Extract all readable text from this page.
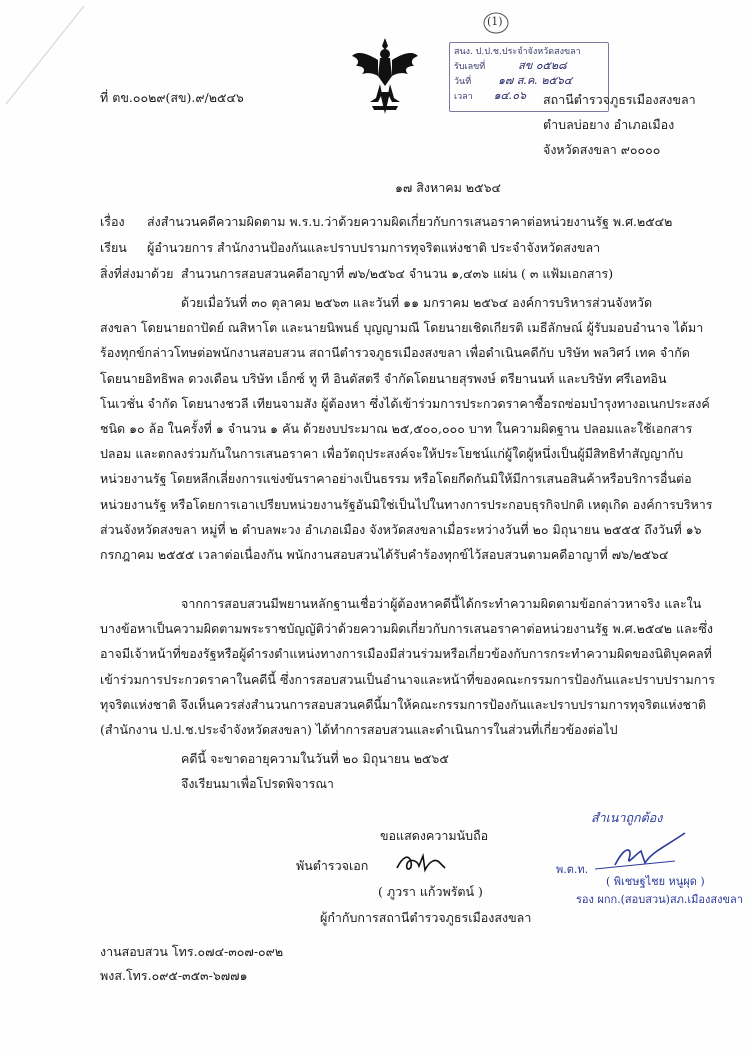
(1)
สนง. ป.ป.ช.ประจำจังหวัดสงขลา
รับเลขที่	สข ๐๕๒๘
วันที่ ๑๗ ส.ค. ๒๕๖๔
เวลา ๑๔.๐๖
ที่ ตข.๐๐๒๙(สข).๙/๒๕๔๖	สถานีตำรวจภูธรเมืองสงขลา
ตำบลบ่อยาง อำเภอเมือง
จังหวัดสงขลา ๙๐๐๐๐
๑๗ สิงหาคม ๒๕๖๔
เรื่อง ส่งสำนวนคดีความผิดตาม พ.ร.บ.ว่าด้วยความผิดเกี่ยวกับการเสนอราคาต่อหน่วยงานรัฐ พ.ศ.๒๕๔๒
เรียน ผู้อำนวยการ สำนักงานป้องกันและปราบปรามการทุจริตแห่งชาติ ประจำจังหวัดสงขลา
สิ่งที่ส่งมาด้วย สำนวนการสอบสวนคดีอาญาที่ ๗๖/๒๕๖๔ จำนวน ๑,๔๓๖ แผ่น ( ๓ แฟ้มเอกสาร)
ด้วยเมื่อวันที่ ๓๐ ตุลาคม ๒๕๖๓ และวันที่ ๑๑ มกราคม ๒๕๖๔ องค์การบริหารส่วนจังหวัด
สงขลา โดยนายถาปัดย์ ณสิหาโต และนายนิพนธ์ บุญญามณี โดยนายเชิดเกียรติ เมธีลักษณ์ ผู้รับมอบอำนาจ ได้มา
ร้องทุกข์กล่าวโทษต่อพนักงานสอบสวน สถานีตำรวจภูธรเมืองสงขลา เพื่อดำเนินคดีกับ บริษัท พลวิศว์ เทค จำกัด
โดยนายอิทธิพล ดวงเดือน บริษัท เอ็กซ์ ทู ที อินดัสตรี จำกัดโดยนายสุรพงษ์ ตรียานนท์ และบริษัท ศรีเอทอิน
โนเวชั่น จำกัด โดยนางชวลี เทียนจามสัง ผู้ต้องหา ซึ่งได้เข้าร่วมการประกวดราคาซื้อรถซ่อมบำรุงทางอเนกประสงค์
ชนิด ๑๐ ล้อ ในครั้งที่ ๑ จำนวน ๑ คัน ด้วยงบประมาณ ๒๕,๕๐๐,๐๐๐ บาท ในความผิดฐาน ปลอมและใช้เอกสาร
ปลอม และตกลงร่วมกันในการเสนอราคา เพื่อวัตถุประสงค์จะให้ประโยชน์แก่ผู้ใดผู้หนึ่งเป็นผู้มีสิทธิทำสัญญากับ
หน่วยงานรัฐ โดยหลีกเลี่ยงการแข่งขันราคาอย่างเป็นธรรม หรือโดยกีดกันมิให้มีการเสนอสินค้าหรือบริการอื่นต่อ
หน่วยงานรัฐ หรือโดยการเอาเปรียบหน่วยงานรัฐอันมิใช่เป็นไปในทางการประกอบธุรกิจปกติ เหตุเกิด องค์การบริหาร
ส่วนจังหวัดสงขลา หมู่ที่ ๒ ตำบลพะวง อำเภอเมือง จังหวัดสงขลาเมื่อระหว่างวันที่ ๒๐ มิถุนายน ๒๕๕๕ ถึงวันที่ ๑๖
กรกฎาคม ๒๕๕๕ เวลาต่อเนื่องกัน พนักงานสอบสวนได้รับคำร้องทุกข์ไว้สอบสวนตามคดีอาญาที่ ๗๖/๒๕๖๔
จากการสอบสวนมีพยานหลักฐานเชื่อว่าผู้ต้องหาคดีนี้ได้กระทำความผิดตามข้อกล่าวหาจริง และใน
บางข้อหาเป็นความผิดตามพระราชบัญญัติว่าด้วยความผิดเกี่ยวกับการเสนอราคาต่อหน่วยงานรัฐ พ.ศ.๒๕๔๒ และซึ่ง
อาจมีเจ้าหน้าที่ของรัฐหรือผู้ดำรงตำแหน่งทางการเมืองมีส่วนร่วมหรือเกี่ยวข้องกับการกระทำความผิดของนิติบุคคลที่
เข้าร่วมการประกวดราคาในคดีนี้ ซึ่งการสอบสวนเป็นอำนาจและหน้าที่ของคณะกรรมการป้องกันและปราบปรามการ
ทุจริตแห่งชาติ จึงเห็นควรส่งสำนวนการสอบสวนคดีนี้มาให้คณะกรรมการป้องกันและปราบปรามการทุจริตแห่งชาติ
(สำนักงาน ป.ป.ช.ประจำจังหวัดสงขลา) ได้ทำการสอบสวนและดำเนินการในส่วนที่เกี่ยวข้องต่อไป
คดีนี้ จะขาดอายุความในวันที่ ๒๐ มิถุนายน ๒๕๖๕
จึงเรียนมาเพื่อโปรดพิจารณา
ขอแสดงความนับถือ
พันตำรวจเอก
( ภูวรา แก้วพรัตน์ )
ผู้กำกับการสถานีตำรวจภูธรเมืองสงขลา
สำเนาถูกต้อง
พ.ต.ท.
( พิเชษฐไชย หนูผุด )
รอง ผกก.(สอบสวน)สภ.เมืองสงขลา
งานสอบสวน โทร.๐๗๔-๓๐๗-๐๙๒
พงส.โทร.๐๙๕-๓๕๓-๖๗๗๑
